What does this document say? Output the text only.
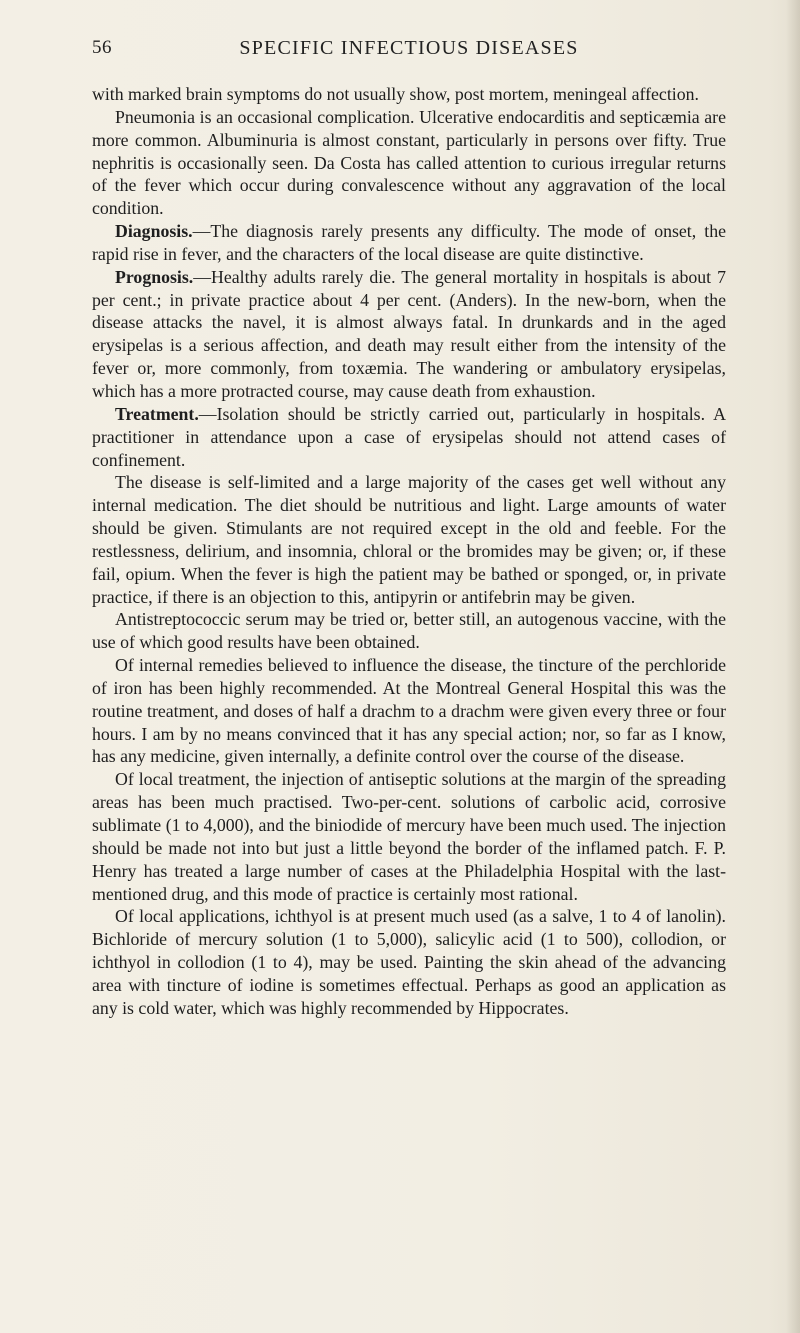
56	SPECIFIC INFECTIOUS DISEASES

with marked brain symptoms do not usually show, post mortem, meningeal affection.

Pneumonia is an occasional complication. Ulcerative endocarditis and septicæmia are more common. Albuminuria is almost constant, particularly in persons over fifty. True nephritis is occasionally seen. Da Costa has called attention to curious irregular returns of the fever which occur during convalescence without any aggravation of the local condition.

Diagnosis.—The diagnosis rarely presents any difficulty. The mode of onset, the rapid rise in fever, and the characters of the local disease are quite distinctive.

Prognosis.—Healthy adults rarely die. The general mortality in hospitals is about 7 per cent.; in private practice about 4 per cent. (Anders). In the new-born, when the disease attacks the navel, it is almost always fatal. In drunkards and in the aged erysipelas is a serious affection, and death may result either from the intensity of the fever or, more commonly, from toxæmia. The wandering or ambulatory erysipelas, which has a more protracted course, may cause death from exhaustion.

Treatment.—Isolation should be strictly carried out, particularly in hospitals. A practitioner in attendance upon a case of erysipelas should not attend cases of confinement.

The disease is self-limited and a large majority of the cases get well without any internal medication. The diet should be nutritious and light. Large amounts of water should be given. Stimulants are not required except in the old and feeble. For the restlessness, delirium, and insomnia, chloral or the bromides may be given; or, if these fail, opium. When the fever is high the patient may be bathed or sponged, or, in private practice, if there is an objection to this, antipyrin or antifebrin may be given.

Antistreptococcic serum may be tried or, better still, an autogenous vaccine, with the use of which good results have been obtained.

Of internal remedies believed to influence the disease, the tincture of the perchloride of iron has been highly recommended. At the Montreal General Hospital this was the routine treatment, and doses of half a drachm to a drachm were given every three or four hours. I am by no means convinced that it has any special action; nor, so far as I know, has any medicine, given internally, a definite control over the course of the disease.

Of local treatment, the injection of antiseptic solutions at the margin of the spreading areas has been much practised. Two-per-cent. solutions of carbolic acid, corrosive sublimate (1 to 4,000), and the biniodide of mercury have been much used. The injection should be made not into but just a little beyond the border of the inflamed patch. F. P. Henry has treated a large number of cases at the Philadelphia Hospital with the last-mentioned drug, and this mode of practice is certainly most rational.

Of local applications, ichthyol is at present much used (as a salve, 1 to 4 of lanolin). Bichloride of mercury solution (1 to 5,000), salicylic acid (1 to 500), collodion, or ichthyol in collodion (1 to 4), may be used. Painting the skin ahead of the advancing area with tincture of iodine is sometimes effectual. Perhaps as good an application as any is cold water, which was highly recommended by Hippocrates.
